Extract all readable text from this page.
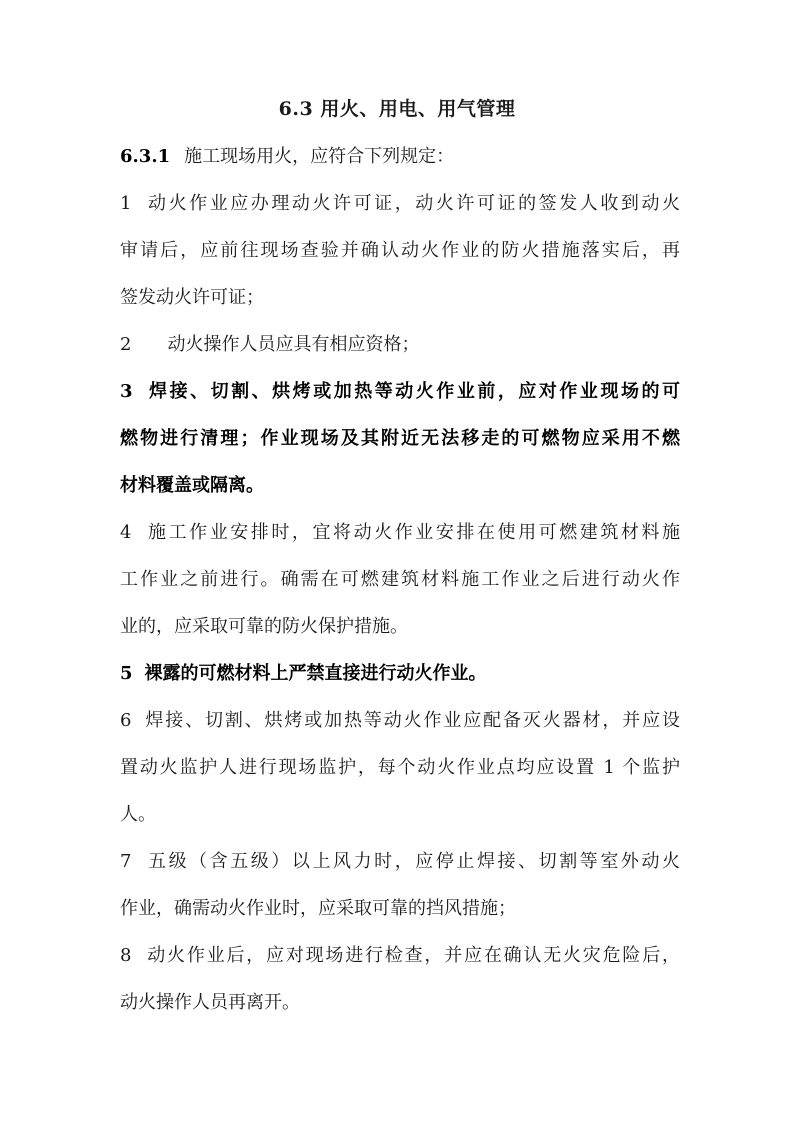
6.3 用火、用电、用气管理
6.3.1 施工现场用火，应符合下列规定：
1 动火作业应办理动火许可证，动火许可证的签发人收到动火
审请后，应前往现场查验并确认动火作业的防火措施落实后，再
签发动火许可证；
2 动火操作人员应具有相应资格；
3 焊接、切割、烘烤或加热等动火作业前，应对作业现场的可
燃物进行清理；作业现场及其附近无法移走的可燃物应采用不燃
材料覆盖或隔离。
4 施工作业安排时，宜将动火作业安排在使用可燃建筑材料施
工作业之前进行。确需在可燃建筑材料施工作业之后进行动火作
业的，应采取可靠的防火保护措施。
5 裸露的可燃材料上严禁直接进行动火作业。
6 焊接、切割、烘烤或加热等动火作业应配备灭火器材，并应设
置动火监护人进行现场监护，每个动火作业点均应设置 1 个监护
人。
7 五级（含五级）以上风力时，应停止焊接、切割等室外动火
作业，确需动火作业时，应采取可靠的挡风措施；
8 动火作业后，应对现场进行检查，并应在确认无火灾危险后，
动火操作人员再离开。
